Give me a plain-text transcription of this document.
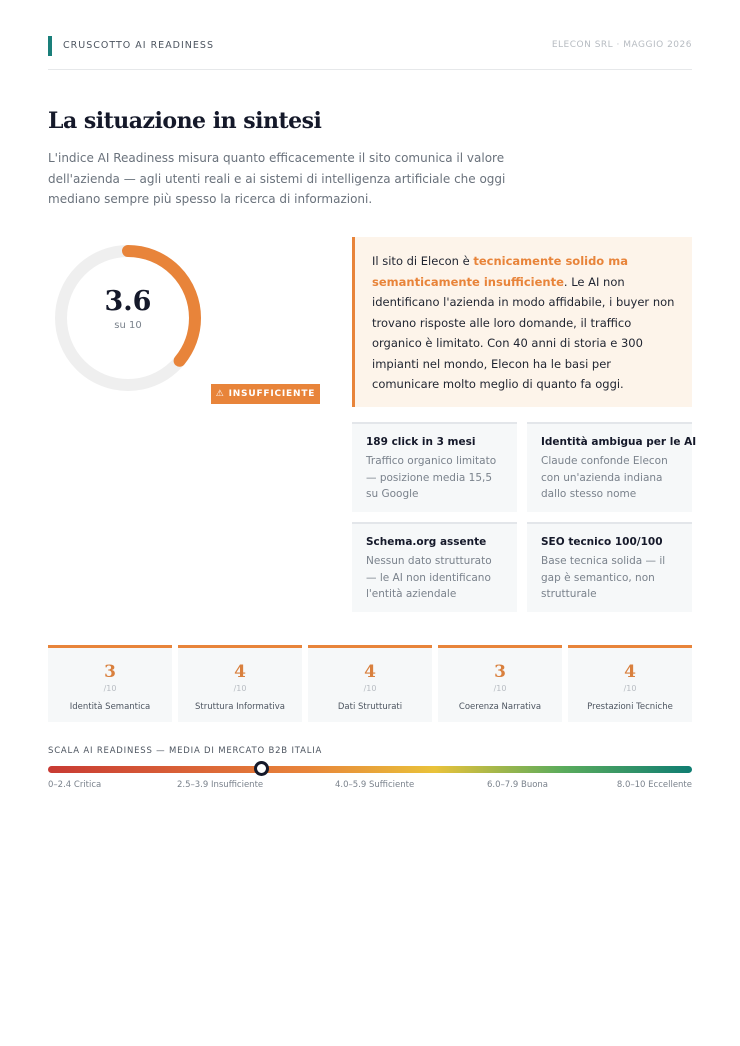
CRUSCOTTO AI READINESS	ELECON SRL · MAGGIO 2026
La situazione in sintesi

L'indice AI Readiness misura quanto efficacemente il sito comunica il valore dell'azienda — agli utenti reali e ai sistemi di intelligenza artificiale che oggi mediano sempre più spesso la ricerca di informazioni.

3.6
su 10
⚠ INSUFFICIENTE
Il sito di Elecon è tecnicamente solido ma semanticamente insufficiente. Le AI non identificano l'azienda in modo affidabile, i buyer non trovano risposte alle loro domande, il traffico organico è limitato. Con 40 anni di storia e 300 impianti nel mondo, Elecon ha le basi per comunicare molto meglio di quanto fa oggi.
189 click in 3 mesi
Traffico organico limitato — posizione media 15,5 su Google
Identità ambigua per le AI
Claude confonde Elecon con un'azienda indiana dallo stesso nome
Schema.org assente
Nessun dato strutturato — le AI non identificano l'entità aziendale
SEO tecnico 100/100
Base tecnica solida — il gap è semantico, non strutturale
3
/10
Identità Semantica
4
/10
Struttura Informativa
4
/10
Dati Strutturati
3
/10
Coerenza Narrativa
4
/10
Prestazioni Tecniche
SCALA AI READINESS — MEDIA DI MERCATO B2B ITALIA
0–2.4 Critica	2.5–3.9 Insufficiente	4.0–5.9 Sufficiente	6.0–7.9 Buona	8.0–10 Eccellente
